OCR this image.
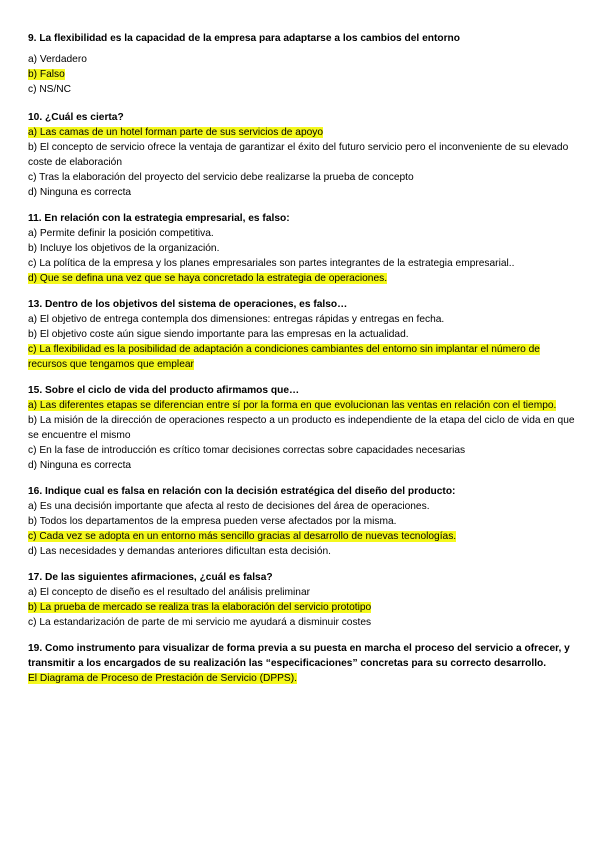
9. La flexibilidad es la capacidad de la empresa para adaptarse a los cambios del entorno
a) Verdadero
b) Falso
c) NS/NC
10. ¿Cuál es cierta?
a) Las camas de un hotel forman parte de sus servicios de apoyo
b) El concepto de servicio ofrece la ventaja de garantizar el éxito del futuro servicio pero el inconveniente de su elevado coste de elaboración
c) Tras la elaboración del proyecto del servicio debe realizarse la prueba de concepto
d) Ninguna es correcta
11. En relación con la estrategia empresarial, es falso:
a) Permite definir la posición competitiva.
b) Incluye los objetivos de la organización.
c) La política de la empresa y los planes empresariales son partes integrantes de la estrategia empresarial..
d) Que se defina una vez que se haya concretado la estrategia de operaciones.
13. Dentro de los objetivos del sistema de operaciones, es falso…
a) El objetivo de entrega contempla dos dimensiones: entregas rápidas y entregas en fecha.
b) El objetivo coste aún sigue siendo importante para las empresas en la actualidad.
c) La flexibilidad es la posibilidad de adaptación a condiciones cambiantes del entorno sin implantar el número de recursos que tengamos que emplear
15. Sobre el ciclo de vida del producto afirmamos que…
a) Las diferentes etapas se diferencian entre sí por la forma en que evolucionan las ventas en relación con el tiempo.
b) La misión de la dirección de operaciones respecto a un producto es independiente de la etapa del ciclo de vida en que se encuentre el mismo
c) En la fase de introducción es crítico tomar decisiones correctas sobre capacidades necesarias
d) Ninguna es correcta
16. Indique cual es falsa en relación con la decisión estratégica del diseño del producto:
a) Es una decisión importante que afecta al resto de decisiones del área de operaciones.
b) Todos los departamentos de la empresa pueden verse afectados por la misma.
c) Cada vez se adopta en un entorno más sencillo gracias al desarrollo de nuevas tecnologías.
d) Las necesidades y demandas anteriores dificultan esta decisión.
17. De las siguientes afirmaciones, ¿cuál es falsa?
a) El concepto de diseño es el resultado del análisis preliminar
b) La prueba de mercado se realiza tras la elaboración del servicio prototipo
c) La estandarización de parte de mi servicio me ayudará a disminuir costes
19. Como instrumento para visualizar de forma previa a su puesta en marcha el proceso del servicio a ofrecer, y transmitir a los encargados de su realización las “especificaciones” concretas para su correcto desarrollo.
El Diagrama de Proceso de Prestación de Servicio (DPPS).
